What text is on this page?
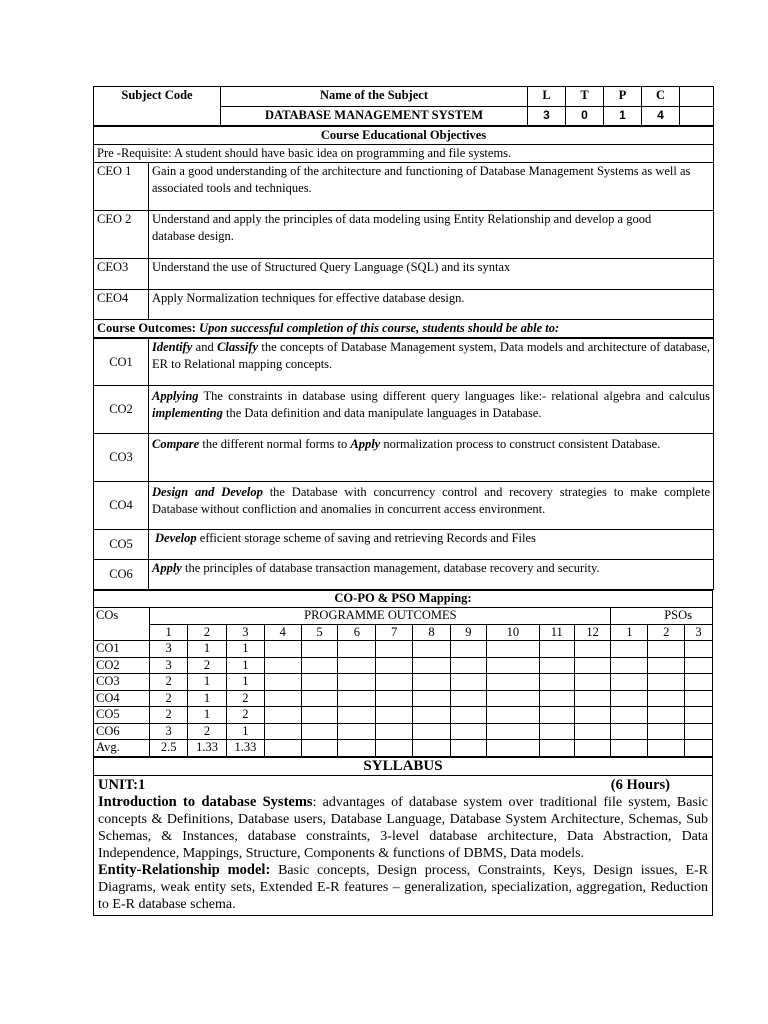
Subject Code	Name of the Subject	L	T	P	C	
	DATABASE MANAGEMENT SYSTEM	3	0	1	4	
Course Educational Objectives	
Pre -Requisite: A student should have basic idea on programming and file systems.	
CEO 1	Gain a good understanding of the architecture and functioning of Database Management Systems as well as associated tools and techniques.
CEO 2	Understand and apply the principles of data modeling using Entity Relationship and develop a good database design.
CEO3	Understand the use of Structured Query Language (SQL) and its syntax
CEO4	Apply Normalization techniques for effective database design.
Course Outcomes: Upon successful completion of this course, students should be able to:	
CO1	Identify and Classify the concepts of Database Management system, Data models and architecture of database, ER to Relational mapping concepts.
CO2	Applying The constraints in database using different query languages like:- relational algebra and calculus implementing the Data definition and data manipulate languages in Database.
CO3	Compare the different normal forms to Apply normalization process to construct consistent Database.
CO4	Design and Develop the Database with concurrency control and recovery strategies to make complete Database without confliction and anomalies in concurrent access environment.
CO5	Develop efficient storage scheme of saving and retrieving Records and Files
CO6	Apply the principles of database transaction management, database recovery and security.
CO-PO & PSO Mapping:															
COs	PROGRAMME OUTCOMES												PSOs		
	1	2	3	4	5	6	7	8	9	10	11	12	1	2	3
CO1	3	1	1												
CO2	3	2	1												
CO3	2	1	1												
CO4	2	1	2												
CO5	2	1	2												
CO6	3	2	1												
Avg.	2.5	1.33	1.33												
SYLLABUS

UNIT:1	(6 Hours)
Introduction to database Systems: advantages of database system over traditional file system, Basic concepts & Definitions, Database users, Database Language, Database System Architecture, Schemas, Sub Schemas, & Instances, database constraints, 3-level database architecture, Data Abstraction, Data Independence, Mappings, Structure, Components & functions of DBMS, Data models.
Entity-Relationship model: Basic concepts, Design process, Constraints, Keys, Design issues, E-R Diagrams, weak entity sets, Extended E-R features – generalization, specialization, aggregation, Reduction to E-R database schema.
